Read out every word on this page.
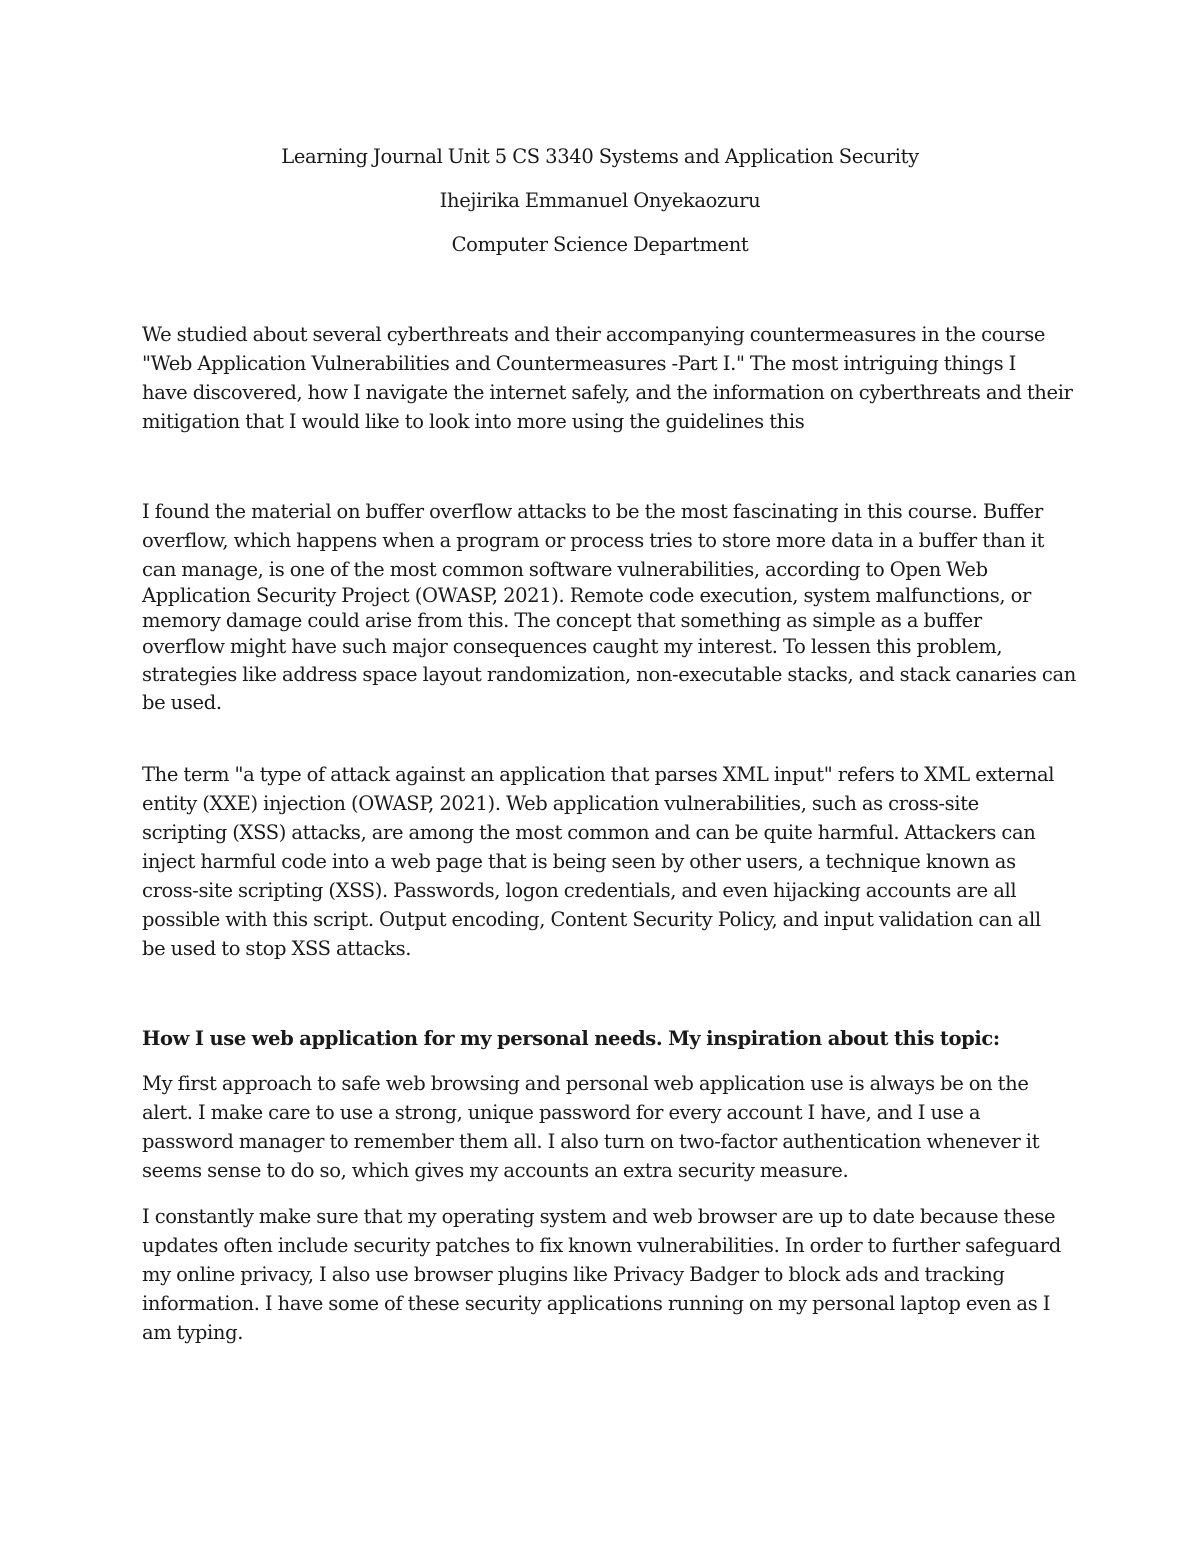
Learning Journal Unit 5 CS 3340 Systems and Application Security
Ihejirika Emmanuel Onyekaozuru
Computer Science Department
We studied about several cyberthreats and their accompanying countermeasures in the course
"Web Application Vulnerabilities and Countermeasures -Part I." The most intriguing things I
have discovered, how I navigate the internet safely, and the information on cyberthreats and their
mitigation that I would like to look into more using the guidelines this
I found the material on buffer overflow attacks to be the most fascinating in this course. Buffer
overflow, which happens when a program or process tries to store more data in a buffer than it
can manage, is one of the most common software vulnerabilities, according to Open Web
Application Security Project (OWASP, 2021). Remote code execution, system malfunctions, or
memory damage could arise from this. The concept that something as simple as a buffer
overflow might have such major consequences caught my interest. To lessen this problem,
strategies like address space layout randomization, non-executable stacks, and stack canaries can
be used.
The term "a type of attack against an application that parses XML input" refers to XML external
entity (XXE) injection (OWASP, 2021). Web application vulnerabilities, such as cross-site
scripting (XSS) attacks, are among the most common and can be quite harmful. Attackers can
inject harmful code into a web page that is being seen by other users, a technique known as
cross-site scripting (XSS). Passwords, logon credentials, and even hijacking accounts are all
possible with this script. Output encoding, Content Security Policy, and input validation can all
be used to stop XSS attacks.
How I use web application for my personal needs. My inspiration about this topic:
My first approach to safe web browsing and personal web application use is always be on the
alert. I make care to use a strong, unique password for every account I have, and I use a
password manager to remember them all. I also turn on two-factor authentication whenever it
seems sense to do so, which gives my accounts an extra security measure.
I constantly make sure that my operating system and web browser are up to date because these
updates often include security patches to fix known vulnerabilities. In order to further safeguard
my online privacy, I also use browser plugins like Privacy Badger to block ads and tracking
information. I have some of these security applications running on my personal laptop even as I
am typing.
